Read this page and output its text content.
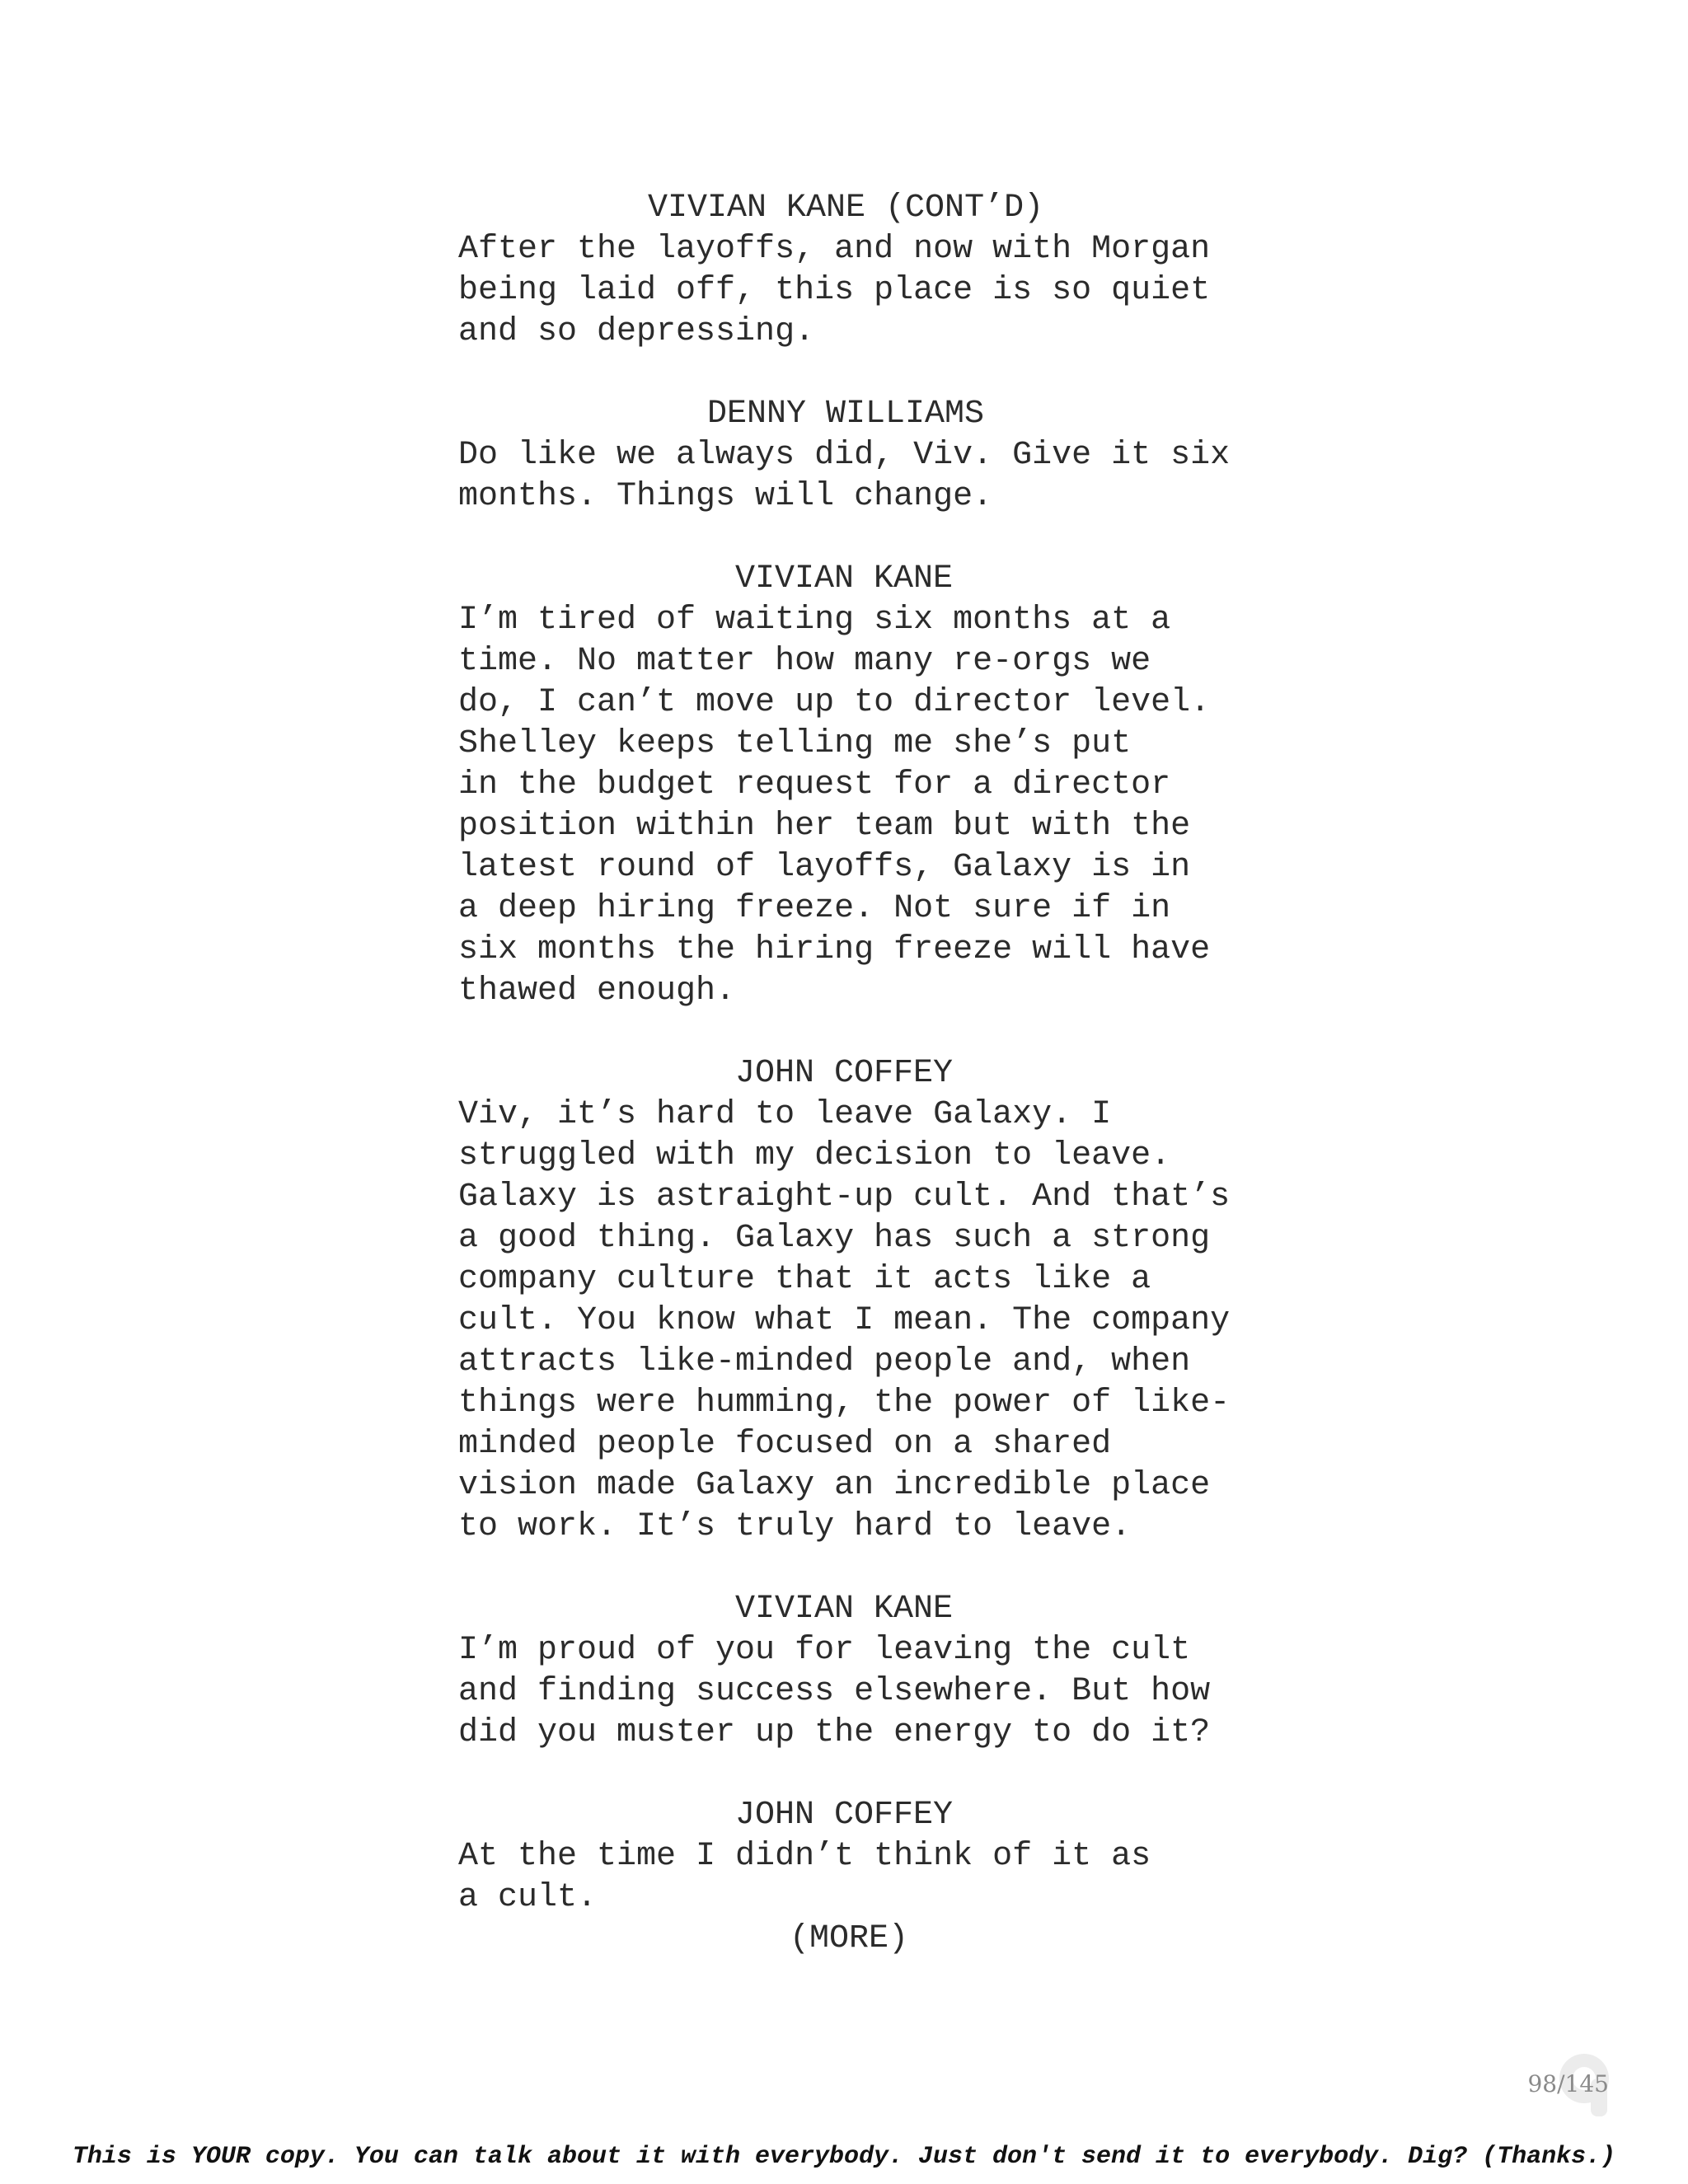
VIVIAN KANE (CONT’D)
After the layoffs, and now with Morgan
being laid off, this place is so quiet
and so depressing.
DENNY WILLIAMS
Do like we always did, Viv. Give it six
months. Things will change.
VIVIAN KANE
I’m tired of waiting six months at a
time. No matter how many re-orgs we
do, I can’t move up to director level.
Shelley keeps telling me she’s put
in the budget request for a director
position within her team but with the
latest round of layoffs, Galaxy is in
a deep hiring freeze. Not sure if in
six months the hiring freeze will have
thawed enough.
JOHN COFFEY
Viv, it’s hard to leave Galaxy. I
struggled with my decision to leave.
Galaxy is astraight-up cult. And that’s
a good thing. Galaxy has such a strong
company culture that it acts like a
cult. You know what I mean. The company
attracts like-minded people and, when
things were humming, the power of like-
minded people focused on a shared
vision made Galaxy an incredible place
to work. It’s truly hard to leave.
VIVIAN KANE
I’m proud of you for leaving the cult
and finding success elsewhere. But how
did you muster up the energy to do it?
JOHN COFFEY
At the time I didn’t think of it as
a cult.
(MORE)
98/145
This is YOUR copy. You can talk about it with everybody. Just don't send it to everybody. Dig? (Thanks.)
